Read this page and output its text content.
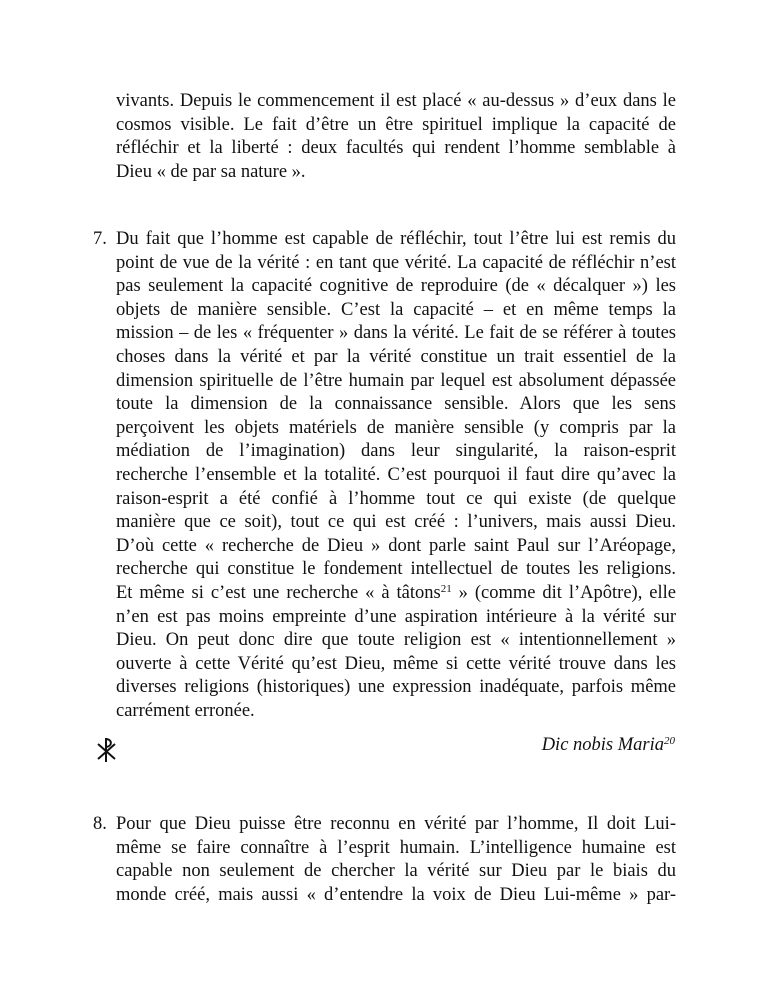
vivants. Depuis le commencement il est placé « au-dessus » d’eux dans le
cosmos visible. Le fait d’être un être spirituel implique la capacité de
réfléchir et la liberté : deux facultés qui rendent l’homme semblable à
Dieu « de par sa nature ».
7. Du fait que l’homme est capable de réfléchir, tout l’être lui est remis du
point de vue de la vérité : en tant que vérité. La capacité de réfléchir n’est
pas seulement la capacité cognitive de reproduire (de « décalquer ») les
objets de manière sensible. C’est la capacité – et en même temps la
mission – de les « fréquenter » dans la vérité. Le fait de se référer à toutes
choses dans la vérité et par la vérité constitue un trait essentiel de la
dimension spirituelle de l’être humain par lequel est absolument dépassée
toute la dimension de la connaissance sensible. Alors que les sens
perçoivent les objets matériels de manière sensible (y compris par la
médiation de l’imagination) dans leur singularité, la raison-esprit
recherche l’ensemble et la totalité. C’est pourquoi il faut dire qu’avec la
raison-esprit a été confié à l’homme tout ce qui existe (de quelque
manière que ce soit), tout ce qui est créé : l’univers, mais aussi Dieu.
D’où cette « recherche de Dieu » dont parle saint Paul sur l’Aréopage,
recherche qui constitue le fondement intellectuel de toutes les religions.
Et même si c’est une recherche « à tâtons$^{21}$ » (comme dit l’Apôtre), elle
n’en est pas moins empreinte d’une aspiration intérieure à la vérité sur
Dieu. On peut donc dire que toute religion est « intentionnellement »
ouverte à cette Vérité qu’est Dieu, même si cette vérité trouve dans les
diverses religions (historiques) une expression inadéquate, parfois même
carrément erronée.
Dic nobis Maria$^{20}$
8. Pour que Dieu puisse être reconnu en vérité par l’homme, Il doit Lui-
même se faire connaître à l’esprit humain. L’intelligence humaine est
capable non seulement de chercher la vérité sur Dieu par le biais du
monde créé, mais aussi « d’entendre la voix de Dieu Lui-même » par-
